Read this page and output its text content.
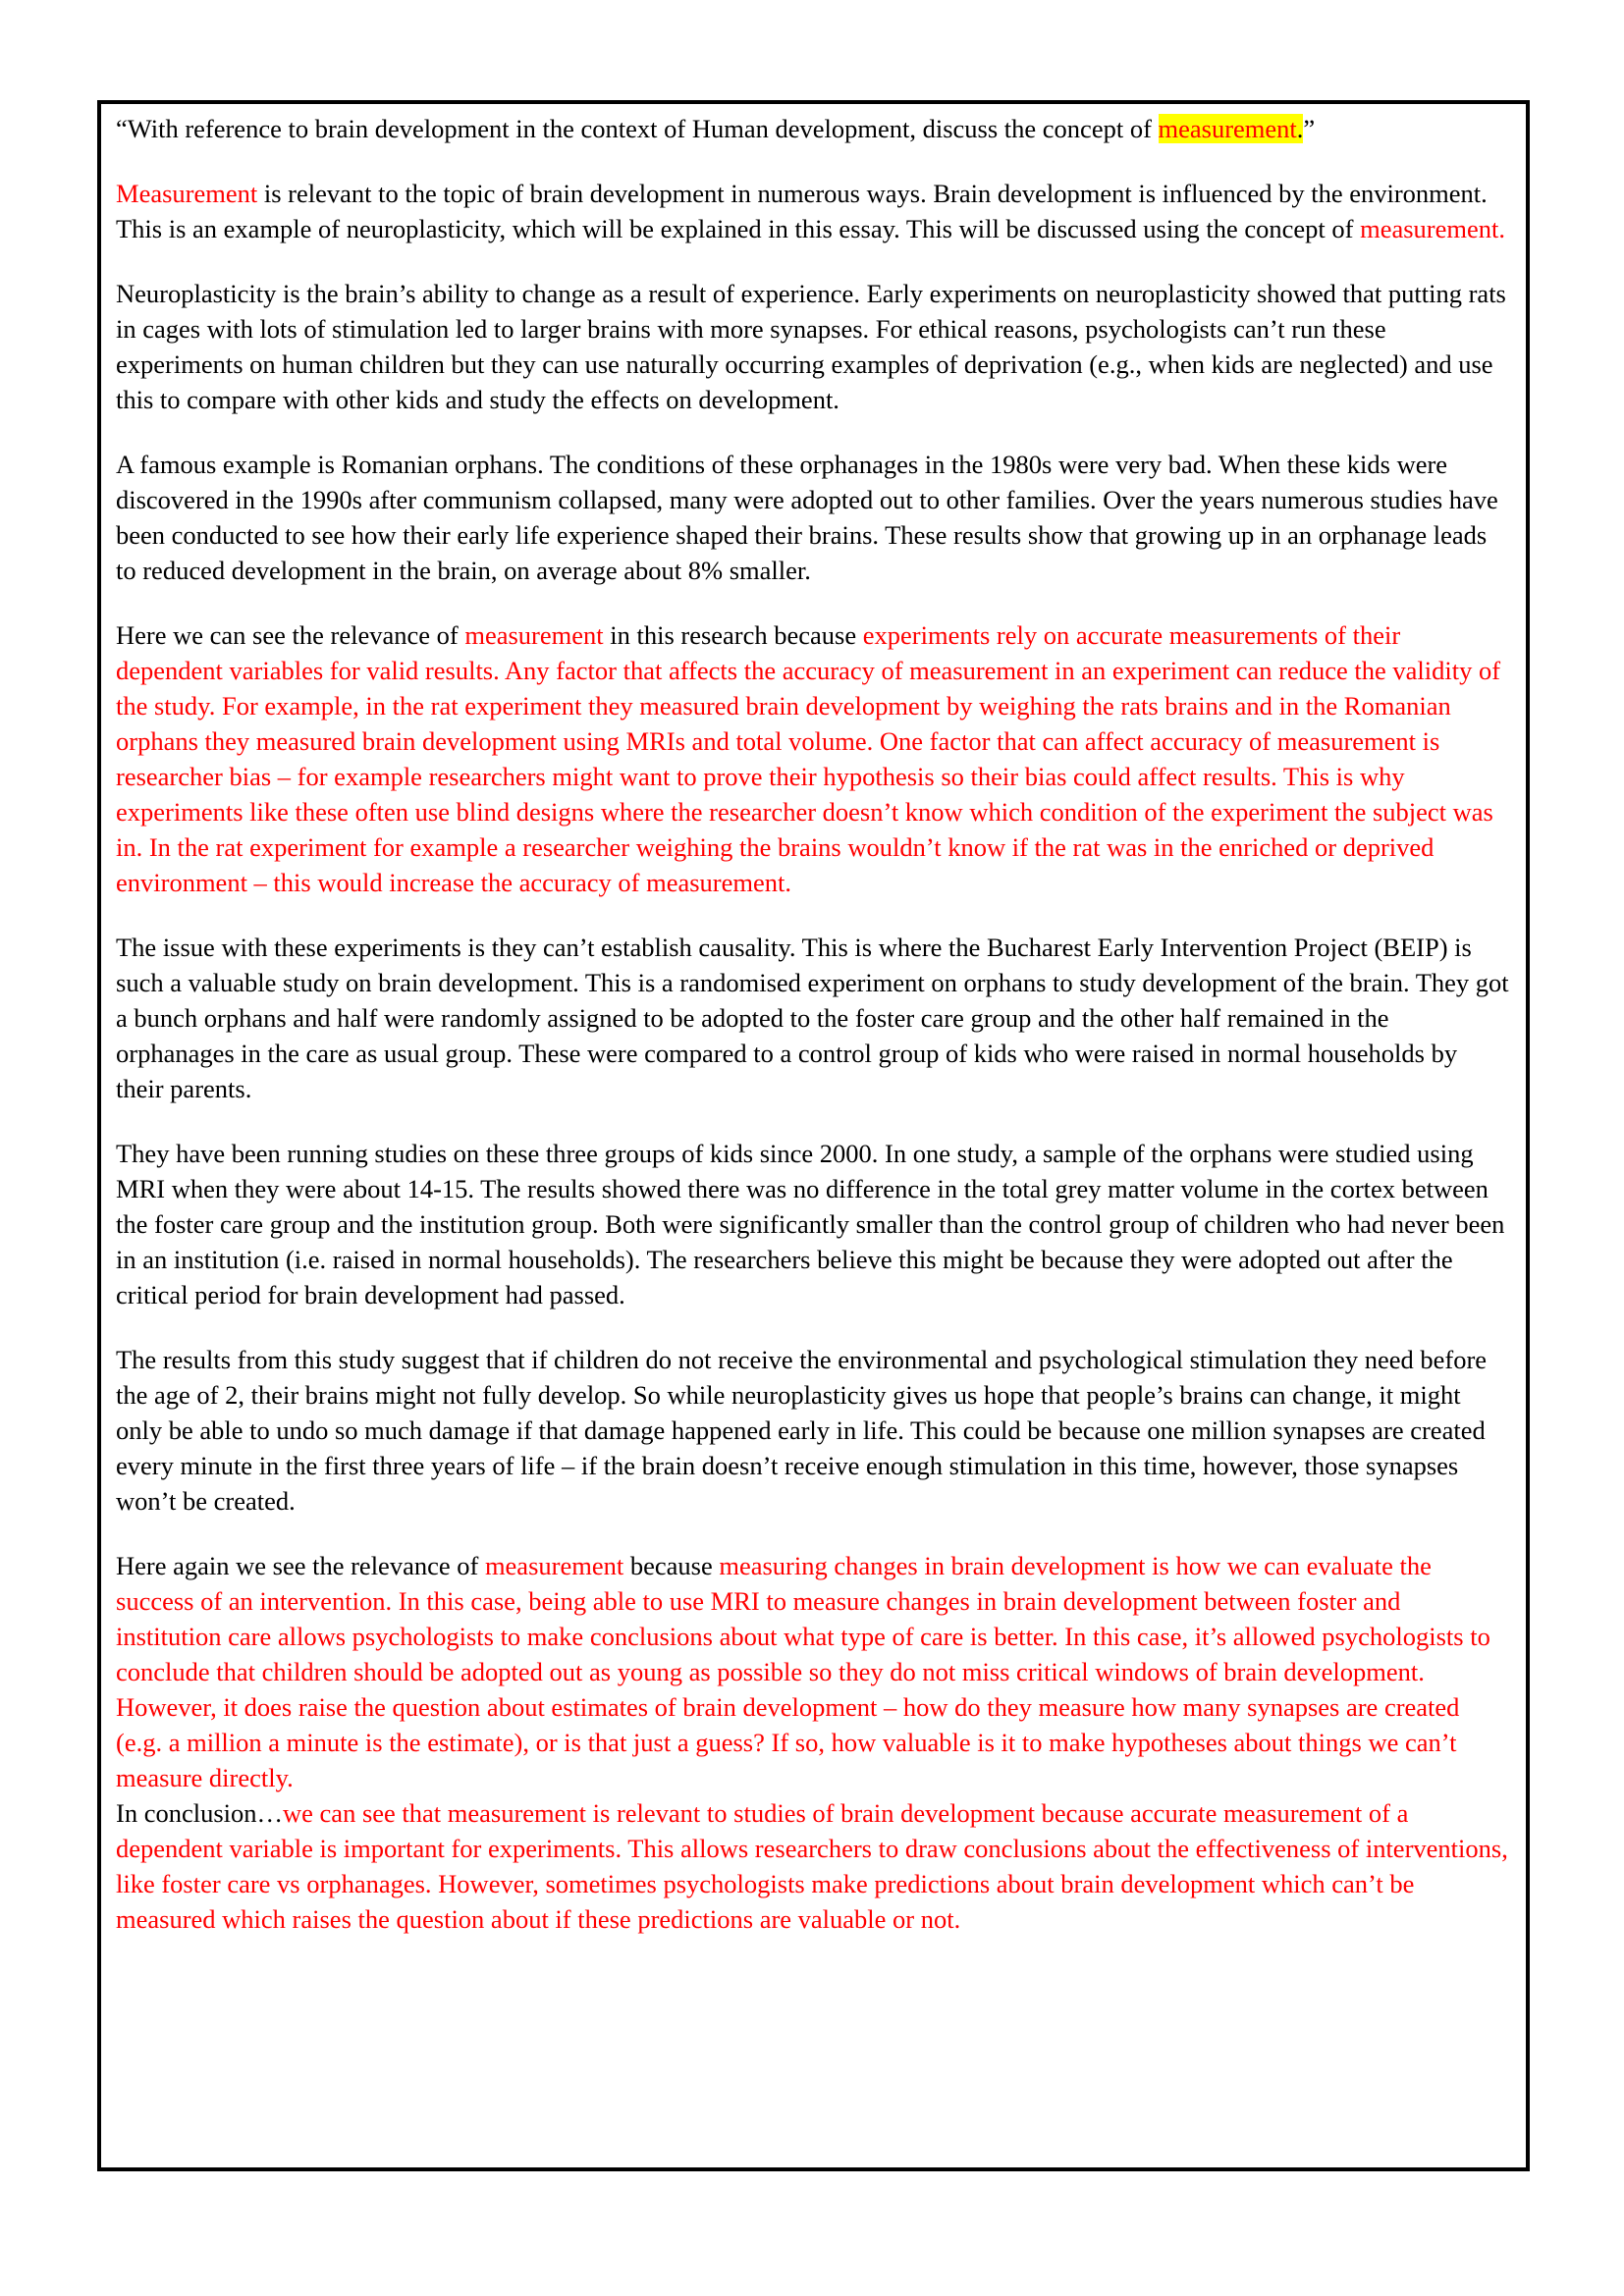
“With reference to brain development in the context of Human development, discuss the concept of measurement.”

Measurement is relevant to the topic of brain development in numerous ways. Brain development is influenced by the environment. This is an example of neuroplasticity, which will be explained in this essay. This will be discussed using the concept of measurement.

Neuroplasticity is the brain’s ability to change as a result of experience. Early experiments on neuroplasticity showed that putting rats in cages with lots of stimulation led to larger brains with more synapses. For ethical reasons, psychologists can’t run these experiments on human children but they can use naturally occurring examples of deprivation (e.g., when kids are neglected) and use this to compare with other kids and study the effects on development.

A famous example is Romanian orphans. The conditions of these orphanages in the 1980s were very bad. When these kids were discovered in the 1990s after communism collapsed, many were adopted out to other families. Over the years numerous studies have been conducted to see how their early life experience shaped their brains. These results show that growing up in an orphanage leads to reduced development in the brain, on average about 8% smaller.

Here we can see the relevance of measurement in this research because experiments rely on accurate measurements of their dependent variables for valid results. Any factor that affects the accuracy of measurement in an experiment can reduce the validity of the study. For example, in the rat experiment they measured brain development by weighing the rats brains and in the Romanian orphans they measured brain development using MRIs and total volume. One factor that can affect accuracy of measurement is researcher bias – for example researchers might want to prove their hypothesis so their bias could affect results. This is why experiments like these often use blind designs where the researcher doesn’t know which condition of the experiment the subject was in. In the rat experiment for example a researcher weighing the brains wouldn’t know if the rat was in the enriched or deprived environment – this would increase the accuracy of measurement.

The issue with these experiments is they can’t establish causality. This is where the Bucharest Early Intervention Project (BEIP) is such a valuable study on brain development. This is a randomised experiment on orphans to study development of the brain. They got a bunch orphans and half were randomly assigned to be adopted to the foster care group and the other half remained in the orphanages in the care as usual group. These were compared to a control group of kids who were raised in normal households by their parents.

They have been running studies on these three groups of kids since 2000. In one study, a sample of the orphans were studied using MRI when they were about 14-15. The results showed there was no difference in the total grey matter volume in the cortex between the foster care group and the institution group. Both were significantly smaller than the control group of children who had never been in an institution (i.e. raised in normal households). The researchers believe this might be because they were adopted out after the critical period for brain development had passed.

The results from this study suggest that if children do not receive the environmental and psychological stimulation they need before the age of 2, their brains might not fully develop. So while neuroplasticity gives us hope that people’s brains can change, it might only be able to undo so much damage if that damage happened early in life. This could be because one million synapses are created every minute in the first three years of life – if the brain doesn’t receive enough stimulation in this time, however, those synapses won’t be created.

Here again we see the relevance of measurement because measuring changes in brain development is how we can evaluate the success of an intervention. In this case, being able to use MRI to measure changes in brain development between foster and institution care allows psychologists to make conclusions about what type of care is better. In this case, it’s allowed psychologists to conclude that children should be adopted out as young as possible so they do not miss critical windows of brain development. However, it does raise the question about estimates of brain development – how do they measure how many synapses are created (e.g. a million a minute is the estimate), or is that just a guess? If so, how valuable is it to make hypotheses about things we can’t measure directly.

In conclusion…we can see that measurement is relevant to studies of brain development because accurate measurement of a dependent variable is important for experiments. This allows researchers to draw conclusions about the effectiveness of interventions, like foster care vs orphanages. However, sometimes psychologists make predictions about brain development which can’t be measured which raises the question about if these predictions are valuable or not.
